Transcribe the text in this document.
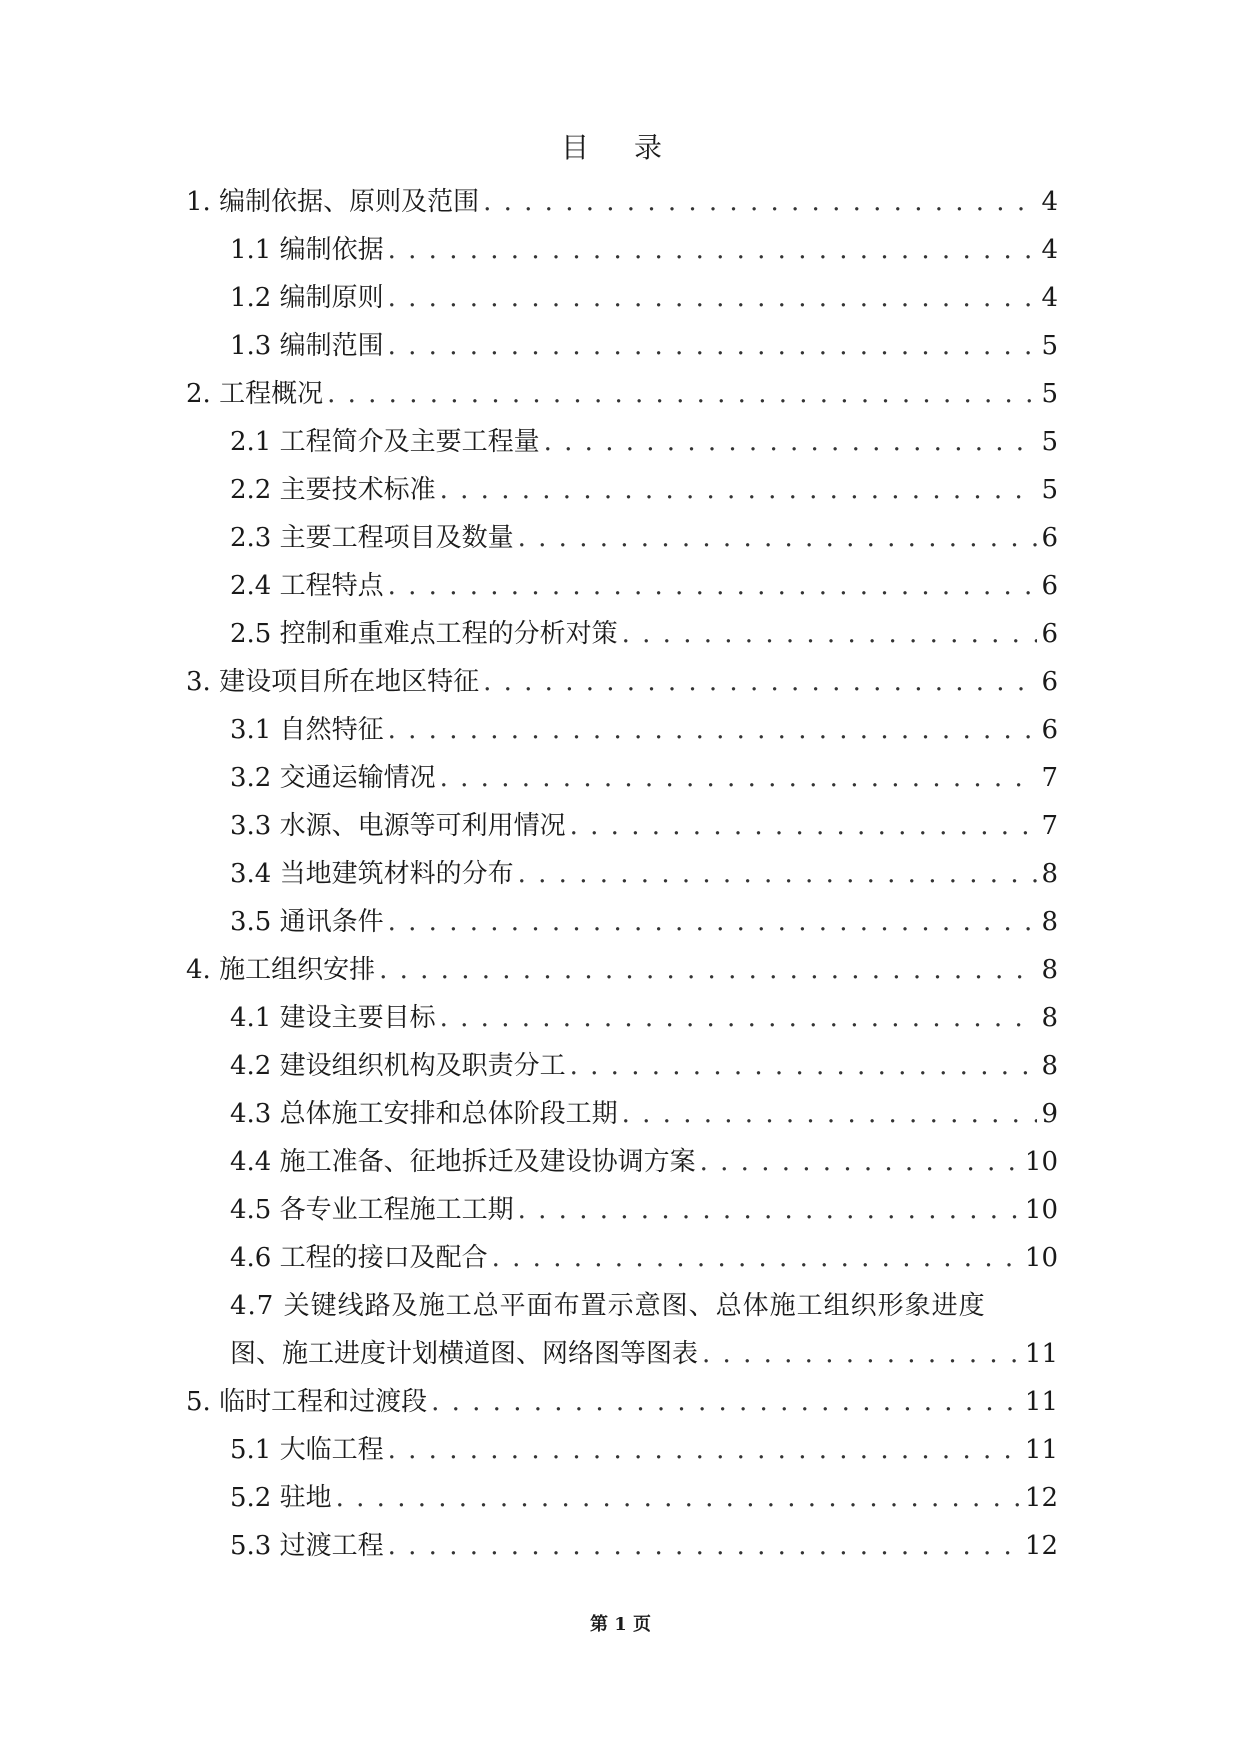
目 录
1. 编制依据、原则及范围 . . .	4
1.1 编制依据 . . .	4
1.2 编制原则 . . .	4
1.3 编制范围 . . .	5
2. 工程概况 . . .	5
2.1 工程简介及主要工程量 . . .	5
2.2 主要技术标准 . . .	5
2.3 主要工程项目及数量 . . .	6
2.4 工程特点 . . .	6
2.5 控制和重难点工程的分析对策 . . .	6
3. 建设项目所在地区特征 . . .	6
3.1 自然特征 . . .	6
3.2 交通运输情况 . . .	7
3.3 水源、电源等可利用情况 . . .	7
3.4 当地建筑材料的分布 . . .	8
3.5 通讯条件 . . .	8
4. 施工组织安排 . . .	8
4.1 建设主要目标 . . .	8
4.2 建设组织机构及职责分工 . . .	8
4.3 总体施工安排和总体阶段工期 . . .	9
4.4 施工准备、征地拆迁及建设协调方案 . . .	10
4.5 各专业工程施工工期 . . .	10
4.6 工程的接口及配合 . . .	10
4.7 关键线路及施工总平面布置示意图、总体施工组织形象进度
图、施工进度计划横道图、网络图等图表 . . .	11
5. 临时工程和过渡段 . . .	11
5.1 大临工程 . . .	11
5.2 驻地 . . .	12
5.3 过渡工程 . . .	12
第 1 页
